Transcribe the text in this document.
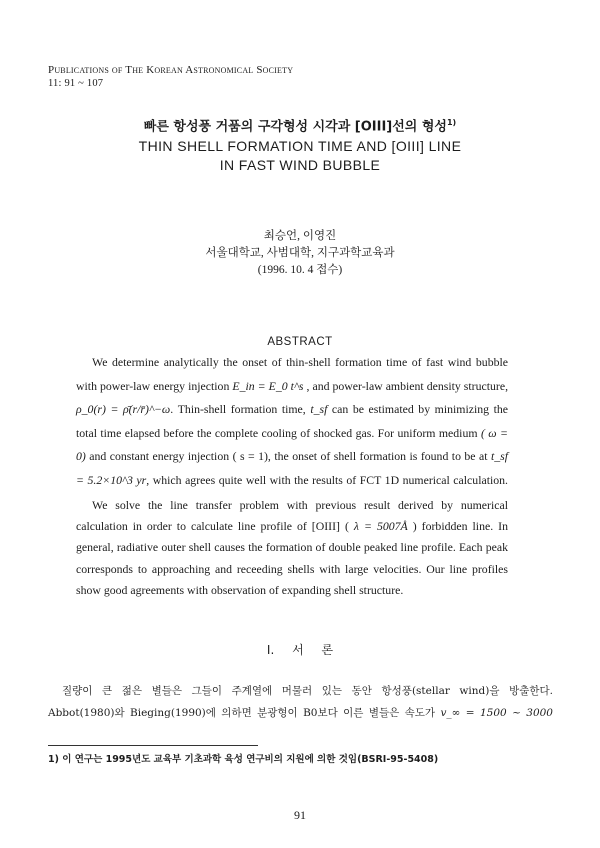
Publications of The Korean Astronomical Society
11: 91 ~ 107
빠른 항성풍 거품의 구각형성 시각과 [OIII]선의 형성$^{1)}$
THIN SHELL FORMATION TIME AND [OIII] LINE
IN FAST WIND BUBBLE
최승언, 이영진
서울대학교, 사범대학, 지구과학교육과
(1996. 10. 4 접수)
ABSTRACT

We determine analytically the onset of thin-shell formation time of fast wind bubble with power-law energy injection E_in = E_0 t^s , and power-law ambient density structure, ρ_0(r) = ρ̄(r/r̄)^−ω. Thin-shell formation time, t_sf can be estimated by minimizing the total time elapsed before the complete cooling of shocked gas. For uniform medium ( ω = 0) and constant energy injection ( s = 1), the onset of shell formation is found to be at t_sf = 5.2×10^3 yr, which agrees quite well with the results of FCT 1D numerical calculation.

We solve the line transfer problem with previous result derived by numerical calculation in order to calculate line profile of [OIII] ( λ = 5007Å ) forbidden line. In general, radiative outer shell causes the formation of double peaked line profile. Each peak corresponds to approaching and receeding shells with large velocities. Our line profiles show good agreements with observation of expanding shell structure.

I. 서 론

질량이 큰 젊은 별들은 그들이 주계열에 머물러 있는 동안 항성풍(stellar wind)을 방출한다. Abbot(1980)와 Bieging(1990)에 의하면 분광형이 B0보다 이른 별들은 속도가 v_∞ = 1500 ~ 3000

1) 이 연구는 1995년도 교육부 기초과학 육성 연구비의 지원에 의한 것임(BSRI-95-5408)
91
